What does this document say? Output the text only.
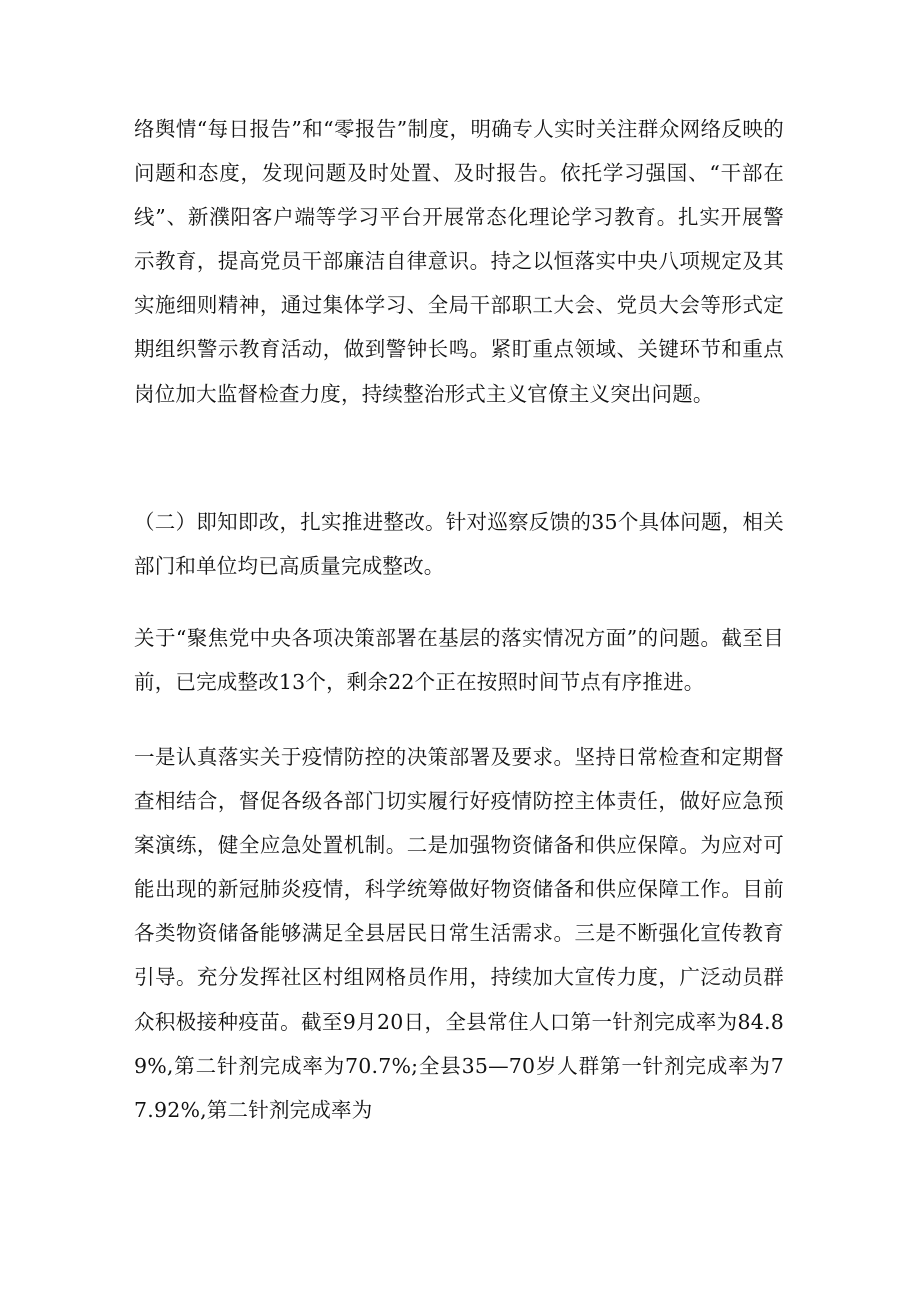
络舆情“每日报告”和“零报告”制度，明确专人实时关注群众网络反映的问题和态度，发现问题及时处置、及时报告。依托学习强国、“干部在线”、新濮阳客户端等学习平台开展常态化理论学习教育。扎实开展警示教育，提高党员干部廉洁自律意识。持之以恒落实中央八项规定及其实施细则精神，通过集体学习、全局干部职工大会、党员大会等形式定期组织警示教育活动，做到警钟长鸣。紧盯重点领域、关键环节和重点岗位加大监督检查力度，持续整治形式主义官僚主义突出问题。

（二）即知即改，扎实推进整改。针对巡察反馈的35个具体问题，相关部门和单位均已高质量完成整改。

关于“聚焦党中央各项决策部署在基层的落实情况方面”的问题。截至目前，已完成整改13个，剩余22个正在按照时间节点有序推进。

一是认真落实关于疫情防控的决策部署及要求。坚持日常检查和定期督查相结合，督促各级各部门切实履行好疫情防控主体责任，做好应急预案演练，健全应急处置机制。二是加强物资储备和供应保障。为应对可能出现的新冠肺炎疫情，科学统筹做好物资储备和供应保障工作。目前各类物资储备能够满足全县居民日常生活需求。三是不断强化宣传教育引导。充分发挥社区村组网格员作用，持续加大宣传力度，广泛动员群众积极接种疫苗。截至9月20日，全县常住人口第一针剂完成率为84.89%,第二针剂完成率为70.7%;全县35—70岁人群第一针剂完成率为77.92%,第二针剂完成率为
